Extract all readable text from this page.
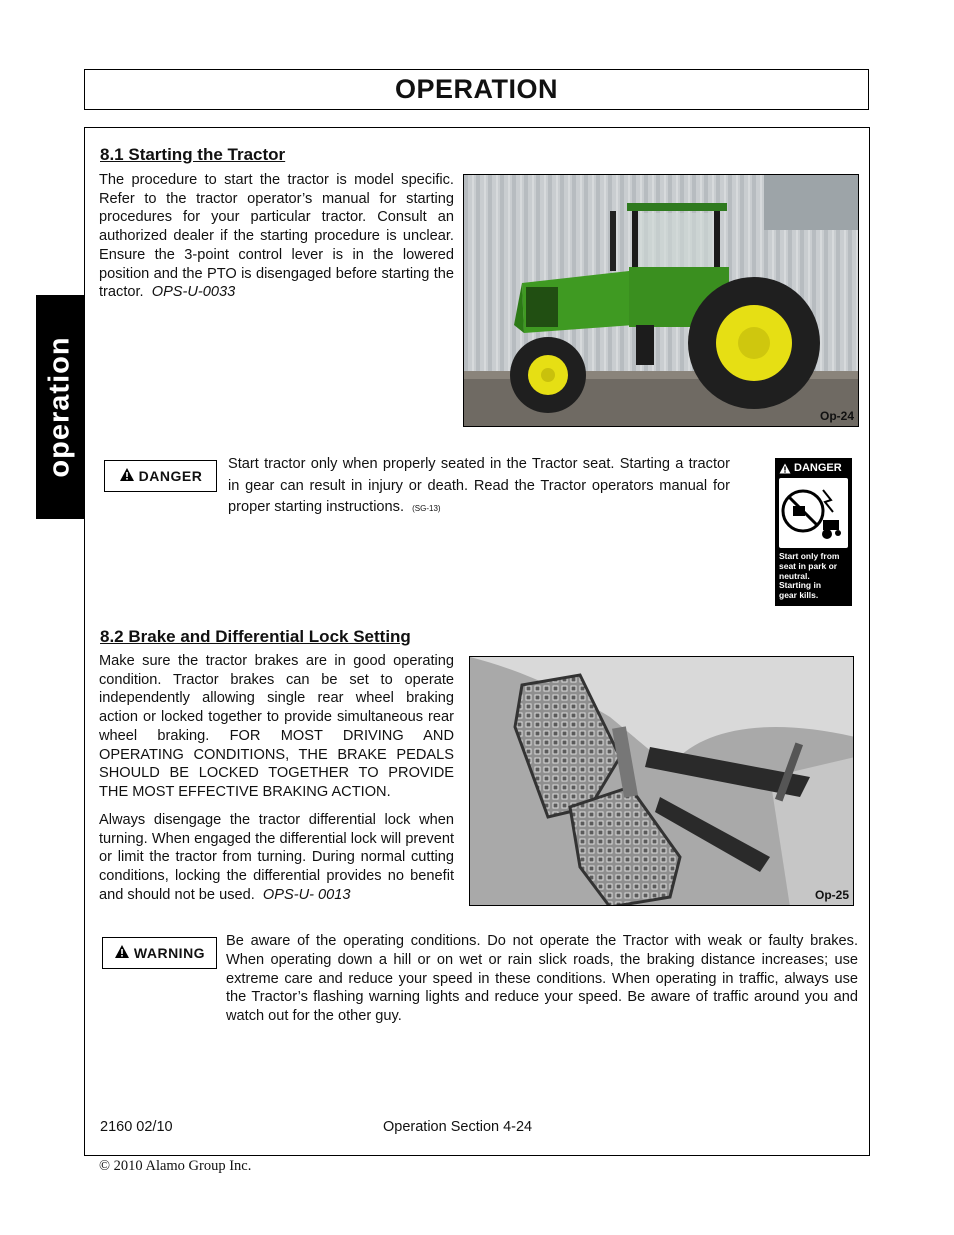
OPERATION
operation
8.1 Starting the Tractor
The procedure to start the tractor is model specific. Refer to the tractor operator’s manual for starting procedures for your particular tractor. Consult an authorized dealer if the starting procedure is unclear. Ensure the 3-point control lever is in the lowered position and the PTO is disengaged before starting the tractor. OPS-U-0033
Op-24
DANGER
Start tractor only when properly seated in the Tractor seat. Starting a tractor in gear can result in injury or death. Read the Tractor operators manual for proper starting instructions. (SG-13)
DANGER
Start only from
seat in park or
neutral.
Starting in
gear kills.
8.2 Brake and Differential Lock Setting
Make sure the tractor brakes are in good operating condition. Tractor brakes can be set to operate independently allowing single rear wheel braking action or locked together to provide simultaneous rear wheel braking. FOR MOST DRIVING AND OPERATING CONDITIONS, THE BRAKE PEDALS SHOULD BE LOCKED TOGETHER TO PROVIDE THE MOST EFFECTIVE BRAKING ACTION.
Always disengage the tractor differential lock when turning. When engaged the differential lock will prevent or limit the tractor from turning. During normal cutting conditions, locking the differential provides no benefit and should not be used. OPS-U- 0013	Op-25
WARNING
Be aware of the operating conditions. Do not operate the Tractor with weak or faulty brakes. When operating down a hill or on wet or rain slick roads, the braking distance increases; use extreme care and reduce your speed in these conditions. When operating in traffic, always use the Tractor’s flashing warning lights and reduce your speed. Be aware of traffic around you and watch out for the other guy.
2160 02/10	Operation Section 4-24
© 2010 Alamo Group Inc.
